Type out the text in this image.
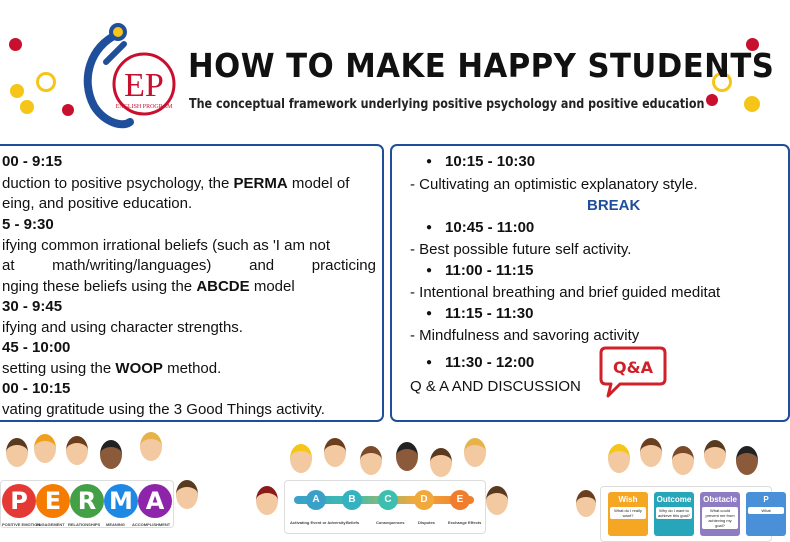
EP
ENGLISH PROGRAM
HOW TO MAKE HAPPY STUDENTS

The conceptual framework underlying positive psychology and positive education

00 - 9:15
duction to positive psychology, the PERMA model of
eing, and positive education.
5 - 9:30
ifying common irrational beliefs (such as 'I am not
at math/writing/languages) and practicing
nging these beliefs using the ABCDE model
30 - 9:45
ifying and using character strengths.
45 - 10:00
setting using the WOOP method.
00 - 10:15
vating gratitude using the 3 Good Things activity.
● 10:15 - 10:30
- Cultivating an optimistic explanatory style.
BREAK
● 10:45 - 11:00
- Best possible future self activity.
● 11:00 - 11:15
- Intentional breathing and brief guided meditat
● 11:15 - 11:30
- Mindfulness and savoring activity
● 11:30 - 12:00
Q & A AND DISCUSSION
Q&A
P E R M A
POSITIVE EMOTION
ENGAGEMENT RELATIONSHIPS MEANING ACCOMPLISHMENT
A	B	C	D	E
Activating Event or Adversity Beliefs	Consequences	Disputes	Exchange Effects
Wish
What do I really want?
Outcome
Why do I want to achieve this goal?
Obstacle
What could prevent me from achieving my goal?
P
What
